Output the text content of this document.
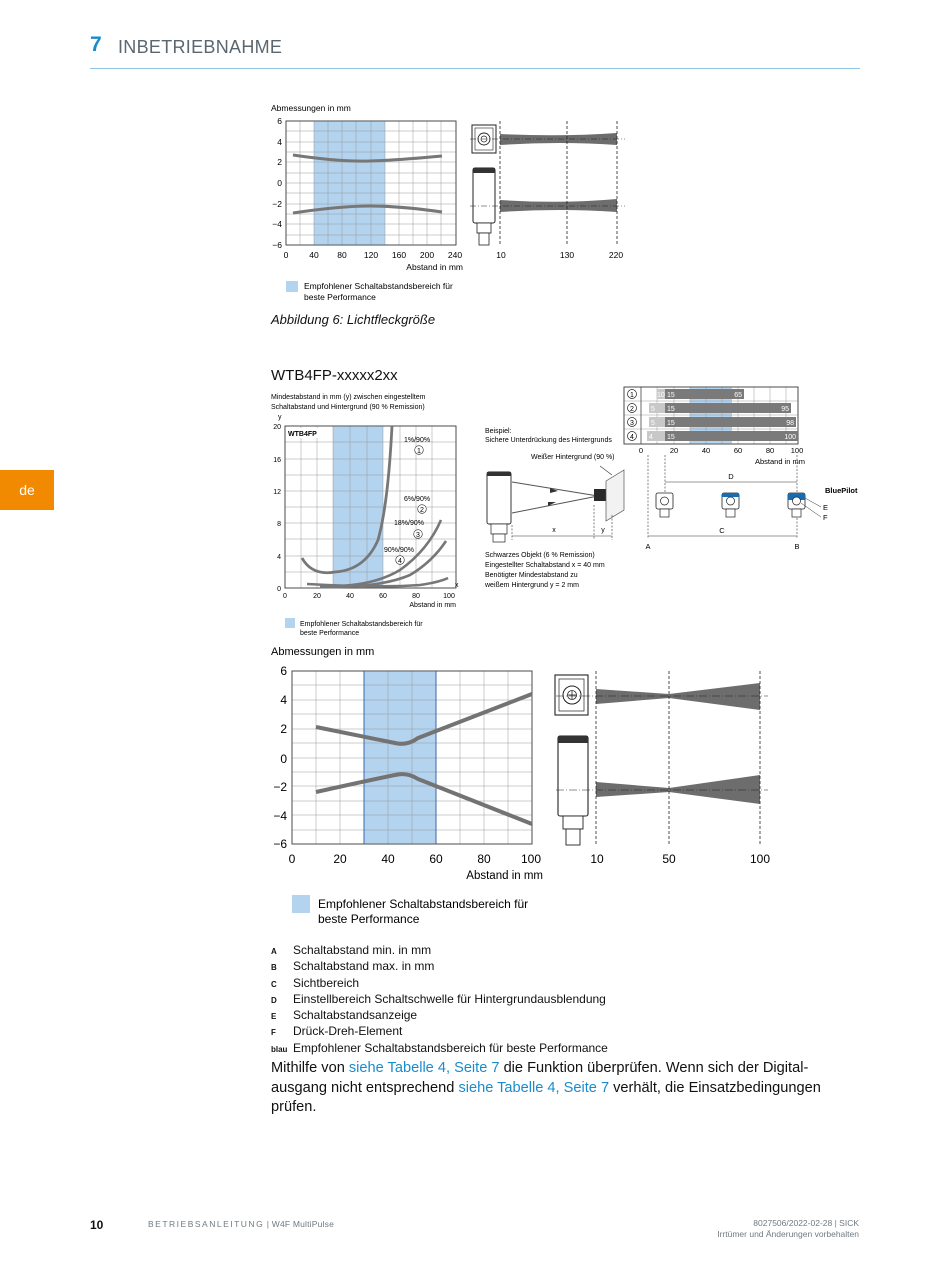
7 INBETRIEBNAHME
de
Abmessungen in mm
6
4
2
0
−2
−4
−6
0 40 80 120 160 200 240
Abstand in mm
10	130	220
Empfohlener Schaltabstandsbereich für
beste Performance
Abbildung 6: Lichtfleckgröße
WTB4FP-xxxxx2xx
Mindestabstand in mm (y) zwischen eingestelltem
Schaltabstand und Hintergrund (90 % Remission)
y
WTB4FP
1%/90%
1
6%/90%
2
18%/90%
3
90%/90%
4
20
16
12
8
4
0
0	20	40	60	80	100
x
Abstand in mm
Empfohlener Schaltabstandsbereich für
beste Performance
Beispiel:
Sichere Unterdrückung des Hintergrunds
Weißer Hintergrund (90 %)
x	y
Schwarzes Objekt (6 % Remission)
Eingestellter Schaltabstand x = 40 mm
Benötigter Mindestabstand zu
weißem Hintergrund y = 2 mm
1
2
3
4
10 15	65
5 15	95
5 15	98
4 15	100
0	20	40	60	80 100
Abstand in mm
BluePilot
D
E
F
C
A	B
Abmessungen in mm
6
4
2
0
−2
−4
−6
0	20	40	60	80	100
Abstand in mm
10	50	100
Empfohlener Schaltabstandsbereich für
beste Performance
A	Schaltabstand min. in mm
B	Schaltabstand max. in mm
C	Sichtbereich
D	Einstellbereich Schaltschwelle für Hintergrundausblendung
E	Schaltabstandsanzeige
F	Drück-Dreh-Element
blau Empfohlener Schaltabstandsbereich für beste Performance
Mithilfe von siehe Tabelle 4, Seite 7 die Funktion überprüfen. Wenn sich der Digital-ausgang nicht entsprechend siehe Tabelle 4, Seite 7 verhält, die Einsatzbedingungen prüfen.
10	BETRIEBSANLEITUNG | W4F MultiPulse	8027506/2022-02-28 | SICK
Irrtümer und Änderungen vorbehalten
